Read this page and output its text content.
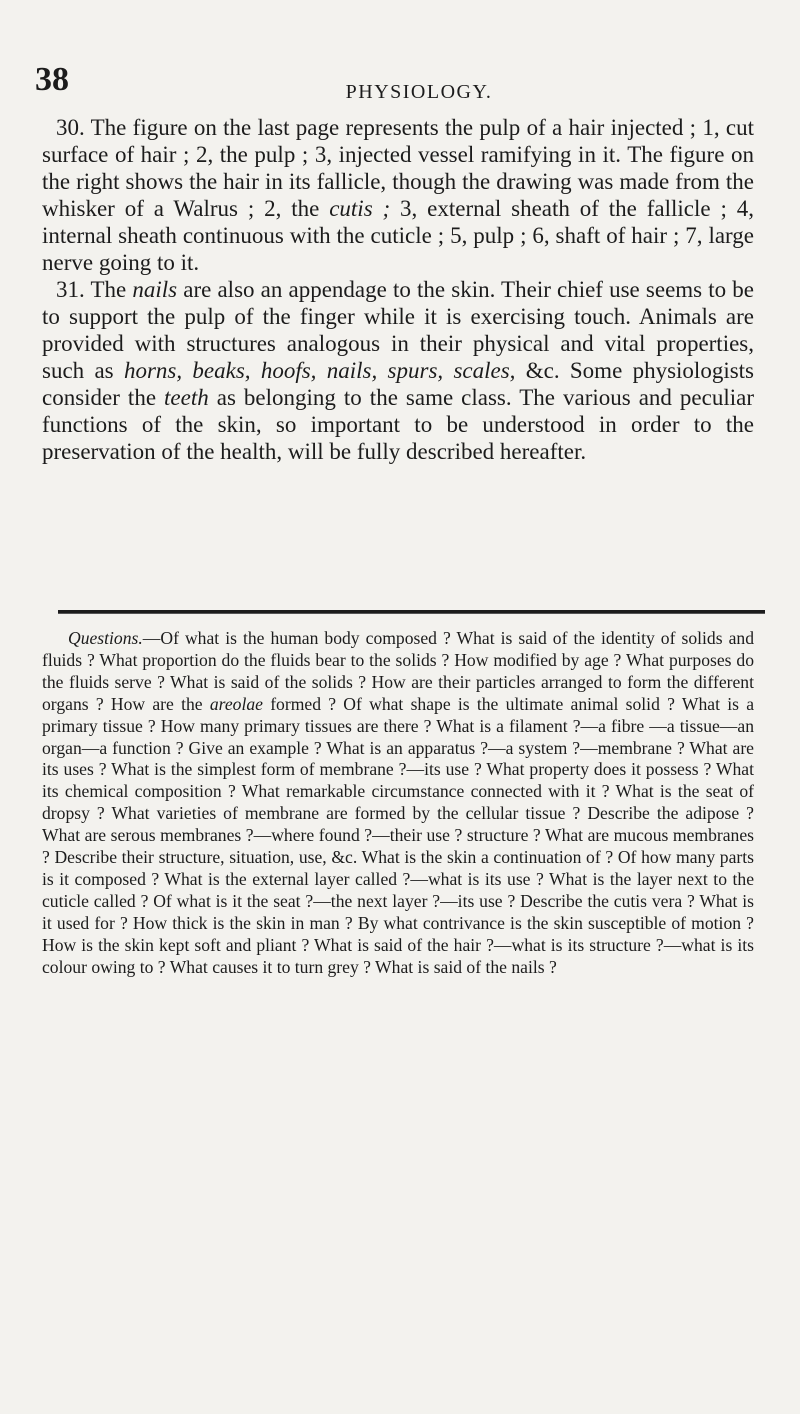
38	PHYSIOLOGY.

30. The figure on the last page represents the pulp of a hair injected ; 1, cut surface of hair ; 2, the pulp ; 3, injected vessel ramifying in it. The figure on the right shows the hair in its fallicle, though the drawing was made from the whisker of a Walrus ; 2, the cutis ; 3, external sheath of the fallicle ; 4, internal sheath continuous with the cuticle ; 5, pulp ; 6, shaft of hair ; 7, large nerve going to it.

31. The nails are also an appendage to the skin. Their chief use seems to be to support the pulp of the finger while it is exercising touch. Animals are provided with structures analogous in their physical and vital properties, such as horns, beaks, hoofs, nails, spurs, scales, &c. Some physiologists consider the teeth as belonging to the same class. The various and peculiar functions of the skin, so important to be understood in order to the preservation of the health, will be fully described hereafter.

Questions.—Of what is the human body composed ? What is said of the identity of solids and fluids ? What proportion do the fluids bear to the solids ? How modified by age ? What purposes do the fluids serve ? What is said of the solids ? How are their particles arranged to form the different organs ? How are the areolae formed ? Of what shape is the ultimate animal solid ? What is a primary tissue ? How many primary tissues are there ? What is a filament ?—a fibre —a tissue—an organ—a function ? Give an example ? What is an apparatus ?—a system ?—membrane ? What are its uses ? What is the simplest form of membrane ?—its use ? What property does it possess ? What its chemical composition ? What remarkable circumstance connected with it ? What is the seat of dropsy ? What varieties of membrane are formed by the cellular tissue ? Describe the adipose ? What are serous membranes ?—where found ?—their use ? structure ? What are mucous membranes ? Describe their structure, situation, use, &c. What is the skin a continuation of ? Of how many parts is it composed ? What is the external layer called ?—what is its use ? What is the layer next to the cuticle called ? Of what is it the seat ?—the next layer ?—its use ? Describe the cutis vera ? What is it used for ? How thick is the skin in man ? By what contrivance is the skin susceptible of motion ? How is the skin kept soft and pliant ? What is said of the hair ?—what is its structure ?—what is its colour owing to ? What causes it to turn grey ? What is said of the nails ?
